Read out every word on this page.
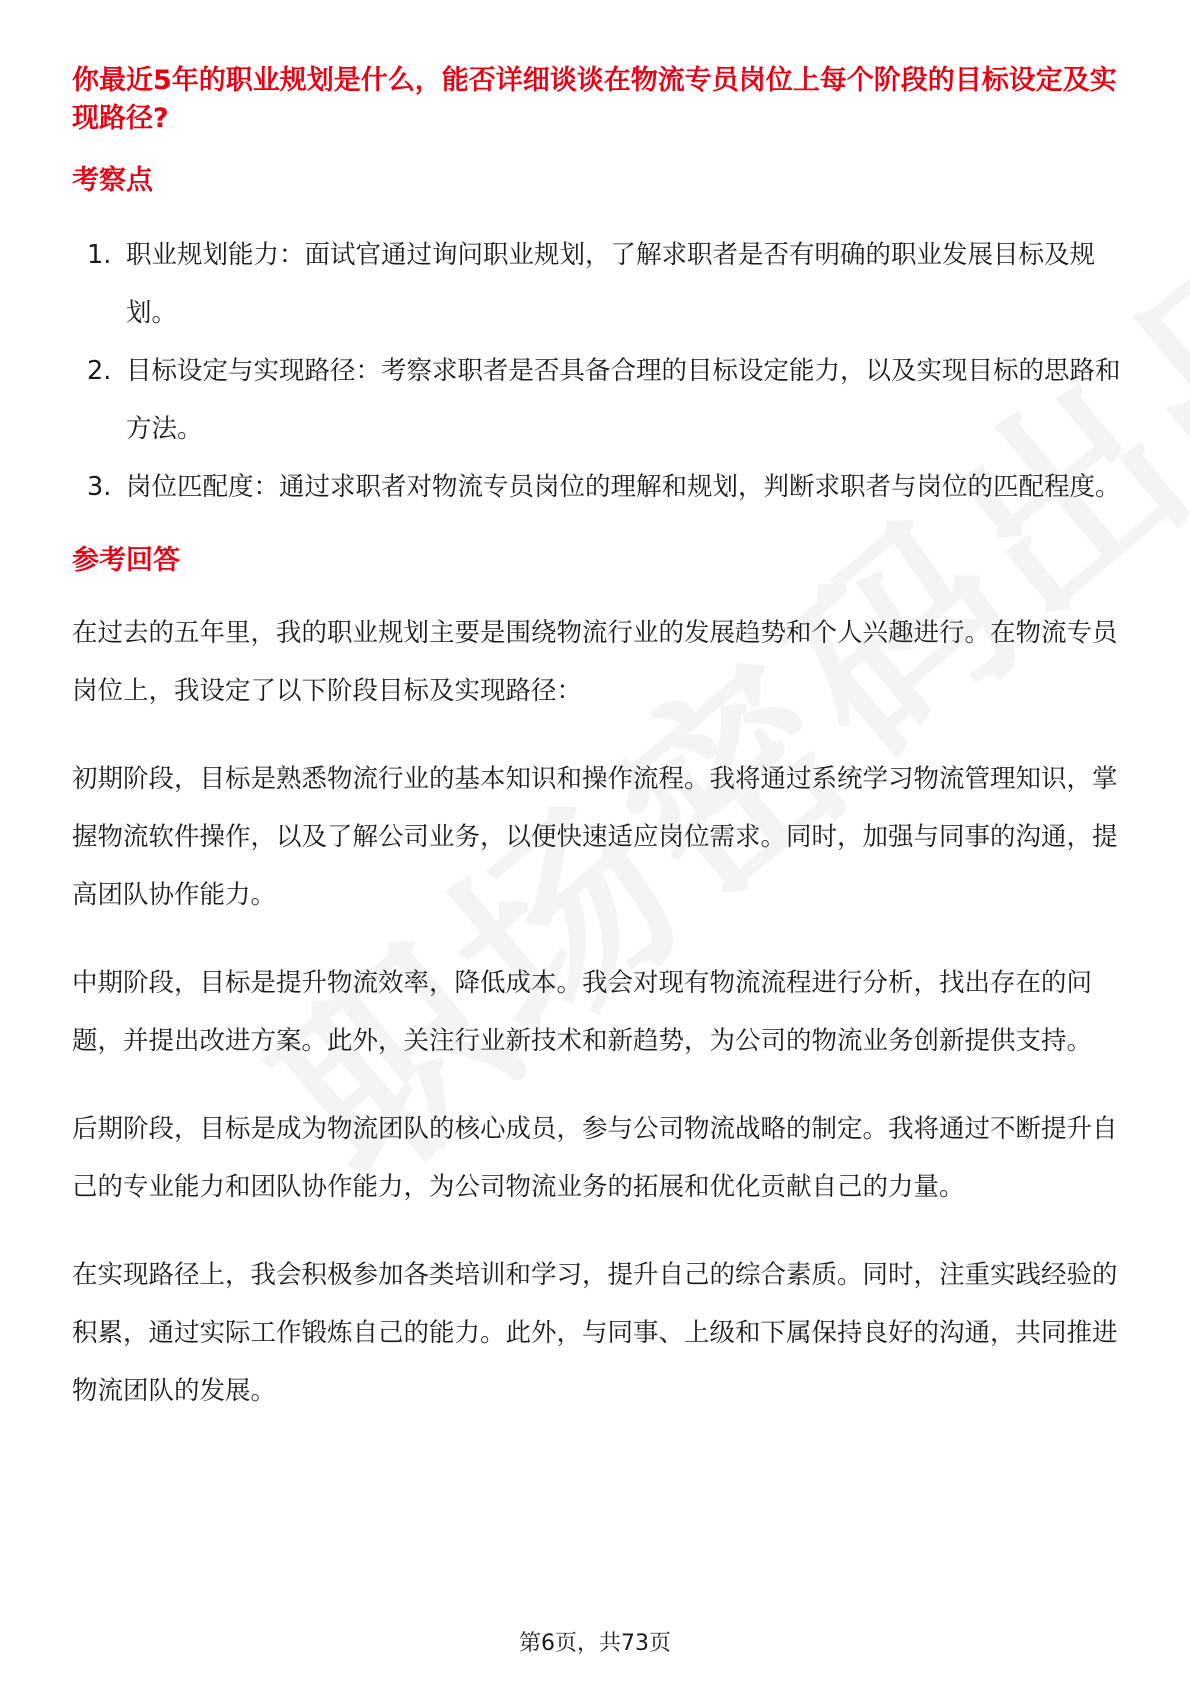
你最近5年的职业规划是什么，能否详细谈谈在物流专员岗位上每个阶段的目标设定及实现路径?
考察点
1. 职业规划能力：面试官通过询问职业规划，了解求职者是否有明确的职业发展目标及规划。
2. 目标设定与实现路径：考察求职者是否具备合理的目标设定能力，以及实现目标的思路和方法。
3. 岗位匹配度：通过求职者对物流专员岗位的理解和规划，判断求职者与岗位的匹配程度。
参考回答

在过去的五年里，我的职业规划主要是围绕物流行业的发展趋势和个人兴趣进行。在物流专员岗位上，我设定了以下阶段目标及实现路径：

初期阶段，目标是熟悉物流行业的基本知识和操作流程。我将通过系统学习物流管理知识，掌握物流软件操作，以及了解公司业务，以便快速适应岗位需求。同时，加强与同事的沟通，提高团队协作能力。

中期阶段，目标是提升物流效率，降低成本。我会对现有物流流程进行分析，找出存在的问题，并提出改进方案。此外，关注行业新技术和新趋势，为公司的物流业务创新提供支持。

后期阶段，目标是成为物流团队的核心成员，参与公司物流战略的制定。我将通过不断提升自己的专业能力和团队协作能力，为公司物流业务的拓展和优化贡献自己的力量。

在实现路径上，我会积极参加各类培训和学习，提升自己的综合素质。同时，注重实践经验的积累，通过实际工作锻炼自己的能力。此外，与同事、上级和下属保持良好的沟通，共同推进物流团队的发展。

第6页，共73页
